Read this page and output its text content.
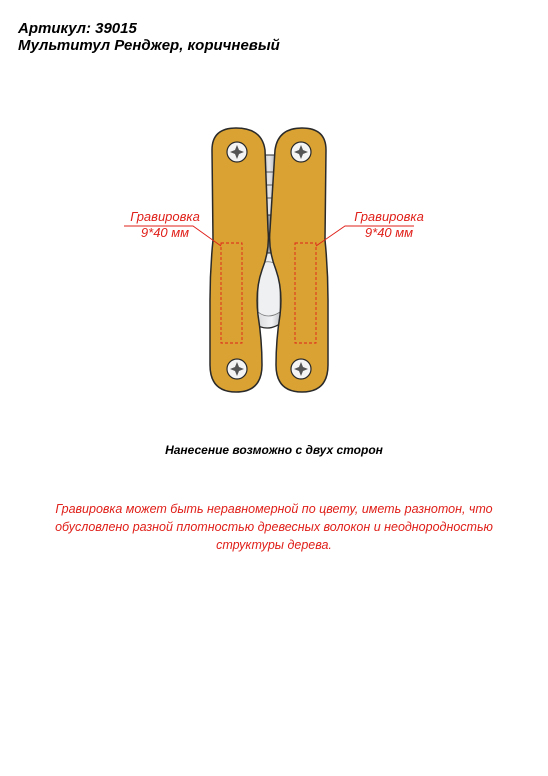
Артикул: 39015
Мультитул Ренджер, коричневый
Гравировка
9*40 мм
Гравировка
9*40 мм
Нанесение возможно с двух сторон
Гравировка может быть неравномерной по цвету, иметь разнотон, что обусловлено разной плотностью древесных волокон и неоднородностью структуры дерева.
